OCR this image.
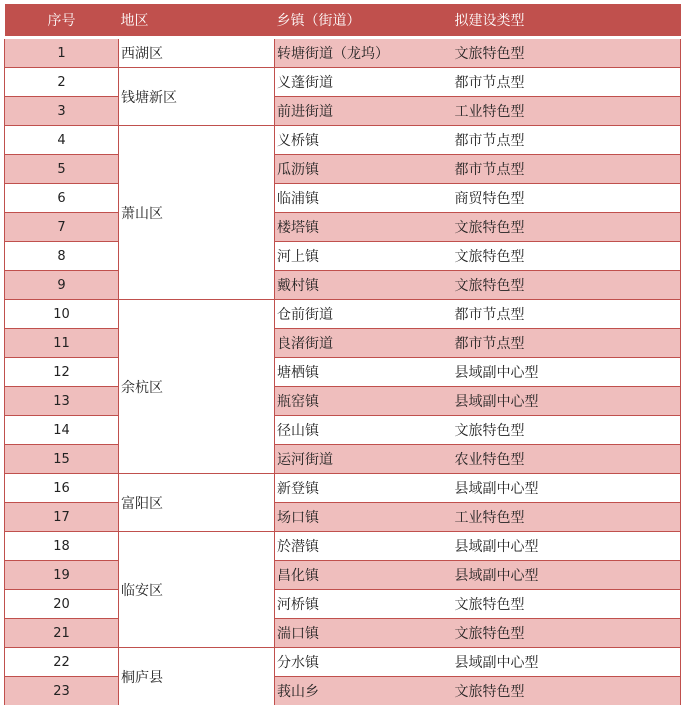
序号	地区	乡镇（街道）	拟建设类型
1	西湖区	转塘街道（龙坞）	文旅特色型
2	钱塘新区	义蓬街道	都市节点型
3		前进街道	工业特色型
4	萧山区	义桥镇	都市节点型
5		瓜沥镇	都市节点型
6		临浦镇	商贸特色型
7		楼塔镇	文旅特色型
8		河上镇	文旅特色型
9		戴村镇	文旅特色型
10	余杭区	仓前街道	都市节点型
11		良渚街道	都市节点型
12		塘栖镇	县域副中心型
13		瓶窑镇	县域副中心型
14		径山镇	文旅特色型
15		运河街道	农业特色型
16	富阳区	新登镇	县域副中心型
17		场口镇	工业特色型
18	临安区	於潜镇	县域副中心型
19		昌化镇	县域副中心型
20		河桥镇	文旅特色型
21		湍口镇	文旅特色型
22	桐庐县	分水镇	县域副中心型
23		莪山乡	文旅特色型
